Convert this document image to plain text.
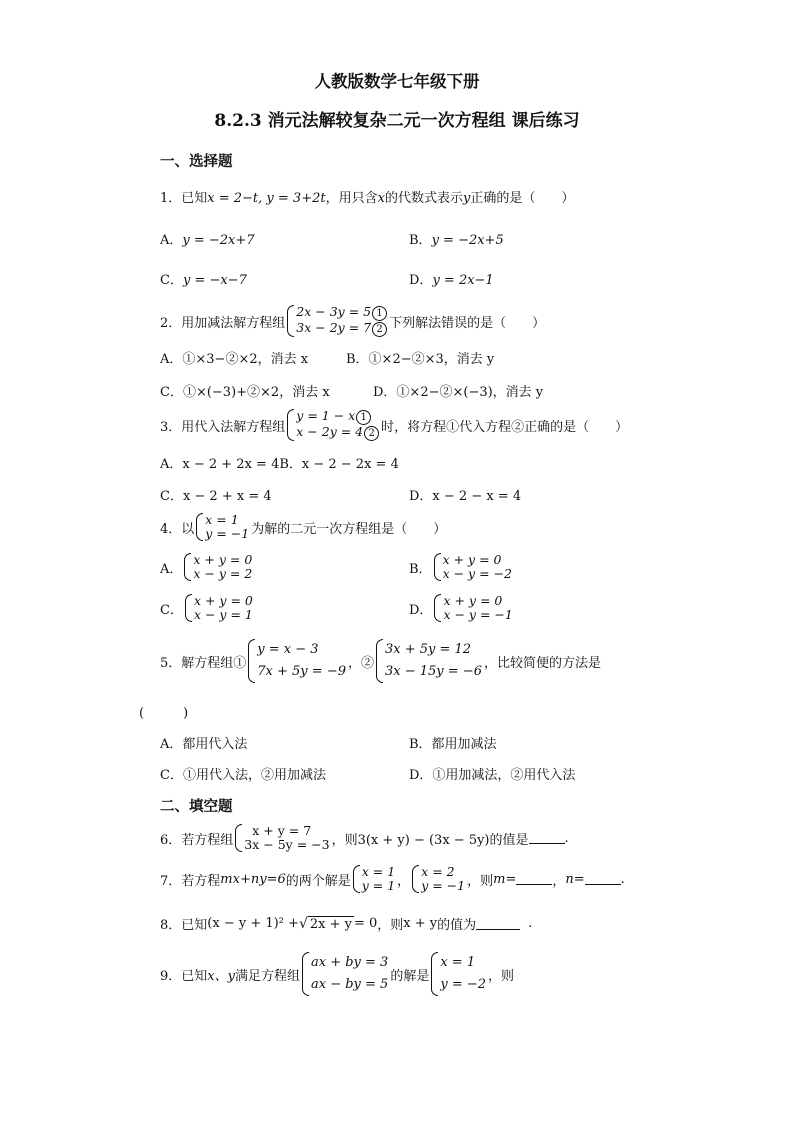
人教版数学七年级下册
8.2.3 消元法解较复杂二元一次方程组 课后练习
一、选择题
1．已知x = 2−t, y = 3+2t，用只含x的代数式表示y正确的是（　　）
A．y = −2x+7	B．y = −2x+5
C．y = −x−7	D．y = 2x−1
2．用加减法解方程组
2x − 3y = 5 1
3x − 2y = 7 2 下列解法错误的是（　　）
A．①×3−②×2，消去 x	B．①×2−②×3，消去 y
C．①×(−3)+②×2，消去 x	D．①×2−②×(−3)，消去 y
3．用代入法解方程组
y = 1 − x 1
x − 2y = 4 2 时，将方程①代入方程②正确的是（　　）
A．x − 2 + 2x = 4B．x − 2 − 2x = 4
C．x − 2 + x = 4	D．x − 2 − x = 4
4．以
x = 1
y = −1 为解的二元一次方程组是（　　）
A．
x + y = 0
x − y = 2	B．
x + y = 0
x − y = −2
C．
x + y = 0
x − y = 1	D．
x + y = 0
x − y = −1
5．解方程组①
y = x − 3
7x + 5y = −9
，②
3x + 5y = 12
3x − 15y = −6
，比较简便的方法是
(　　　)
A．都用代入法	B．都用加减法
C．①用代入法，②用加减法	D．①用加减法，②用代入法
二、填空题
6．若方程组
x + y = 7
3x − 5y = −3 ，则3(x + y) − (3x − 5y)的值是	.
7．若方程 mx+ny=6 的两个解是
x = 1
y = 1 ，
x = 2
y = −1 ，则 m=	， n=	.
8．已知 (x − y + 1)² + √ 2x + y = 0 ，则 x + y 的值为	.
9．已知 x、y 满足方程组
ax + by = 3
ax − by = 5
的解是
x = 1
y = −2
，则
